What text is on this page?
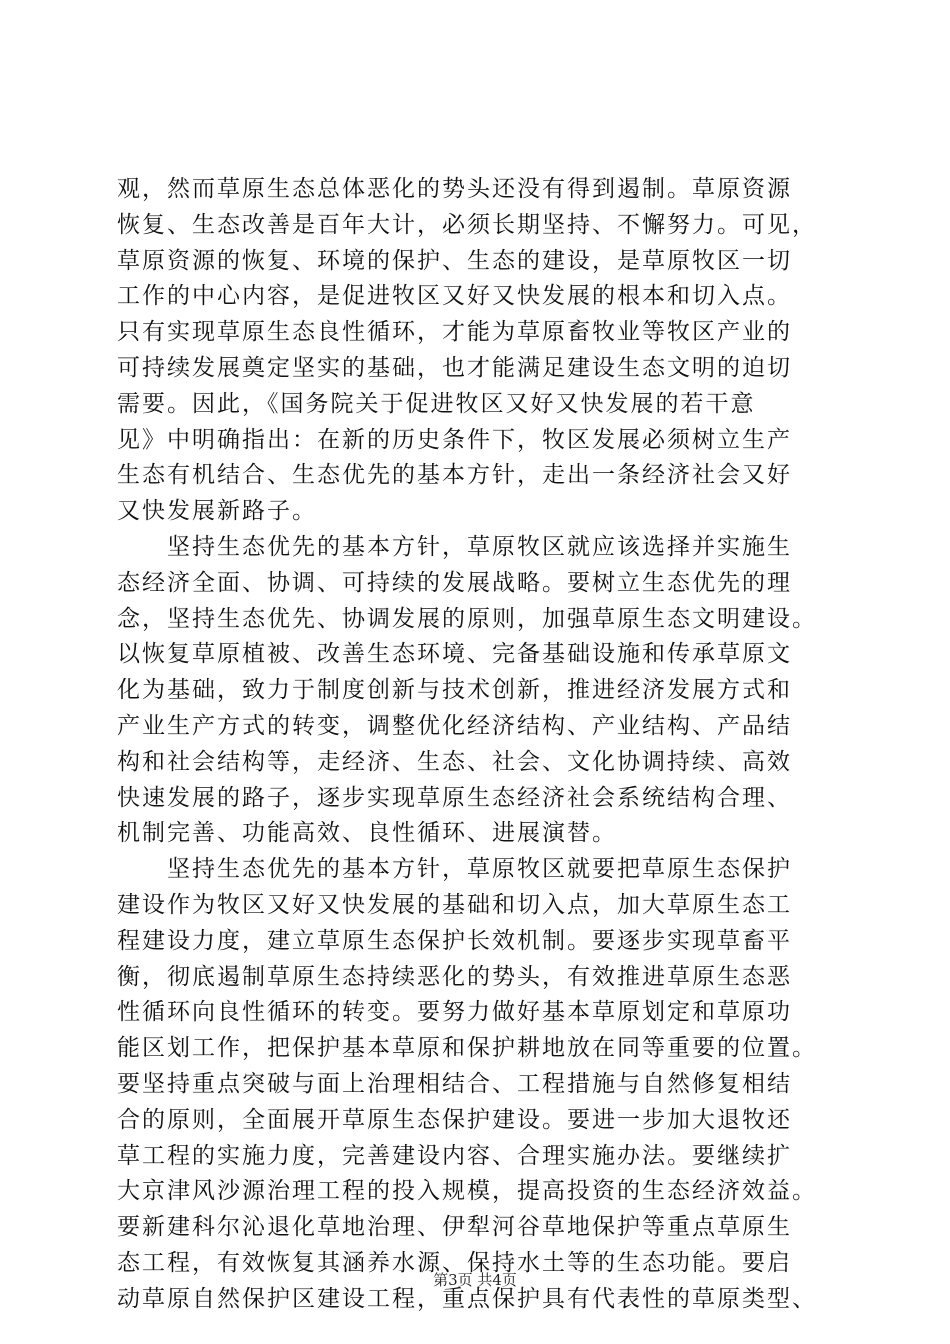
观，然而草原生态总体恶化的势头还没有得到遏制。草原资源
恢复、生态改善是百年大计，必须长期坚持、不懈努力。可见，
草原资源的恢复、环境的保护、生态的建设，是草原牧区一切
工作的中心内容，是促进牧区又好又快发展的根本和切入点。
只有实现草原生态良性循环，才能为草原畜牧业等牧区产业的
可持续发展奠定坚实的基础，也才能满足建设生态文明的迫切
需要。因此，《国务院关于促进牧区又好又快发展的若干意
见》中明确指出：在新的历史条件下，牧区发展必须树立生产
生态有机结合、生态优先的基本方针，走出一条经济社会又好
又快发展新路子。
　　坚持生态优先的基本方针，草原牧区就应该选择并实施生
态经济全面、协调、可持续的发展战略。要树立生态优先的理
念，坚持生态优先、协调发展的原则，加强草原生态文明建设。
以恢复草原植被、改善生态环境、完备基础设施和传承草原文
化为基础，致力于制度创新与技术创新，推进经济发展方式和
产业生产方式的转变，调整优化经济结构、产业结构、产品结
构和社会结构等，走经济、生态、社会、文化协调持续、高效
快速发展的路子，逐步实现草原生态经济社会系统结构合理、
机制完善、功能高效、良性循环、进展演替。
　　坚持生态优先的基本方针，草原牧区就要把草原生态保护
建设作为牧区又好又快发展的基础和切入点，加大草原生态工
程建设力度，建立草原生态保护长效机制。要逐步实现草畜平
衡，彻底遏制草原生态持续恶化的势头，有效推进草原生态恶
性循环向良性循环的转变。要努力做好基本草原划定和草原功
能区划工作，把保护基本草原和保护耕地放在同等重要的位置。
要坚持重点突破与面上治理相结合、工程措施与自然修复相结
合的原则，全面展开草原生态保护建设。要进一步加大退牧还
草工程的实施力度，完善建设内容、合理实施办法。要继续扩
大京津风沙源治理工程的投入规模，提高投资的生态经济效益。
要新建科尔沁退化草地治理、伊犁河谷草地保护等重点草原生
态工程，有效恢复其涵养水源、保持水土等的生态功能。要启
动草原自然保护区建设工程，重点保护具有代表性的草原类型、
第3页 共4页
